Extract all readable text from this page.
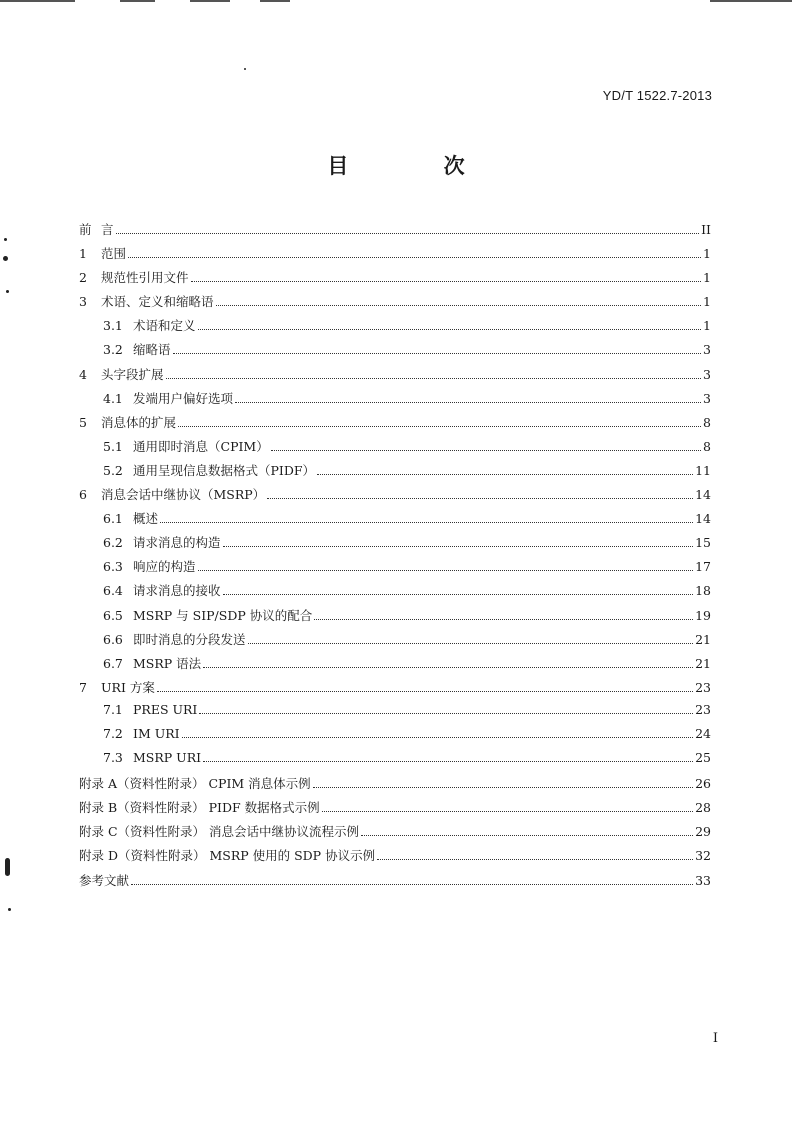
YD/T 1522.7-2013
目 次
前 言	II
1	范围	1
2	规范性引用文件	1
3	术语、定义和缩略语	1
3.1 术语和定义	1
3.2 缩略语	3
4	头字段扩展	3
4.1 发端用户偏好选项	3
5	消息体的扩展	8
5.1 通用即时消息（CPIM）	8
5.2 通用呈现信息数据格式（PIDF）	11
6	消息会话中继协议（MSRP）	14
6.1 概述	14
6.2 请求消息的构造	15
6.3 响应的构造	17
6.4 请求消息的接收	18
6.5 MSRP 与 SIP/SDP 协议的配合	19
6.6 即时消息的分段发送	21
6.7 MSRP 语法	21
7	URI 方案	23
7.1 PRES URI	23
7.2 IM URI	24
7.3 MSRP URI	25
附录 A（资料性附录） CPIM 消息体示例	26
附录 B（资料性附录） PIDF 数据格式示例	28
附录 C（资料性附录） 消息会话中继协议流程示例	29
附录 D（资料性附录） MSRP 使用的 SDP 协议示例	32
参考文献	33
I
